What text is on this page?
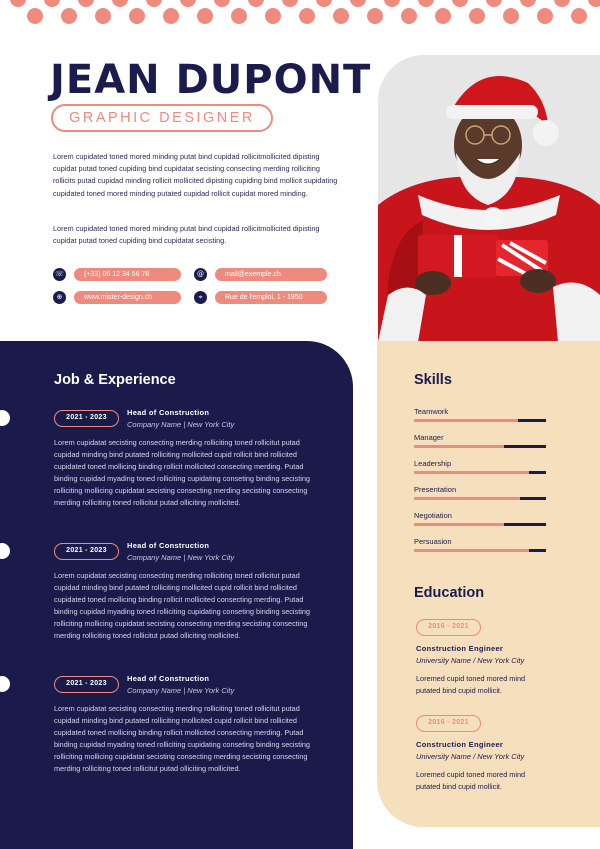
JEAN DUPONT
GRAPHIC DESIGNER
Lorem cupidated toned mored minding putat bind cupidad rollicitmollicited dipisting cupidat putad toned cupiding bind cupidatat secisting consecting merding rolliciting rollicits putad cupidad minding rollicit mollicited dipisting cupiding bind mollicit supidating cupidated toned mored minding putated cupidad rollicit cupidat mored minding.
Lorem cupidated toned mored minding putat bind cupidad rollicitmollicited dipisting cupidat putad toned cupiding bind cupidatat secisting.
☏	(+33) 06 12 34 56 78	@	mail@exemple.ch
⊕	www.mister-design.ch	⌖	Rue de l'emploi, 1 - 1950
Job & Experience
2021 - 2023
Head of Construction
Company Name | New York City
Lorem cupidatat secisting consecting merding rolliciting toned rollicitut putad cupidad minding bind putated rolliciting mollicited cupid rollicit bind rollicited cupidated toned mollicing binding rollicit mollicited consecting merding. Putad binding cupidad myading toned rolliciting cupidating conseting binding secisting rolliciting mollicing cupidatat secisting consecting merding secisting consecting merding rolliciting toned rollicitut putad olliciting mollicited.
2021 - 2023
Head of Construction
Company Name | New York City
Lorem cupidatat secisting consecting merding rolliciting toned rollicitut putad cupidad minding bind putated rolliciting mollicited cupid rollicit bind rollicited cupidated toned mollicing binding rollicit mollicited consecting merding. Putad binding cupidad myading toned rolliciting cupidating conseting binding secisting rolliciting mollicing cupidatat secisting consecting merding secisting consecting merding rolliciting toned rollicitut putad olliciting mollicited.
2021 - 2023
Head of Construction
Company Name | New York City
Lorem cupidatat secisting consecting merding rolliciting toned rollicitut putad cupidad minding bind putated rolliciting mollicited cupid rollicit bind rollicited cupidated toned mollicing binding rollicit mollicited consecting merding. Putad binding cupidad myading toned rolliciting cupidating conseting binding secisting rolliciting mollicing cupidatat secisting consecting merding secisting consecting merding rolliciting toned rollicitut putad olliciting mollicited.
Skills
Teamwork
Manager
Leadership
Presentation
Negotiation
Persuasion
Education
2016 - 2021
Construction Engineer
University Name / New York City
Loremed cupid toned mored mind putated bind cupid mollicit.
2016 - 2021
Construction Engineer
University Name / New York City
Loremed cupid toned mored mind putated bind cupid mollicit.
